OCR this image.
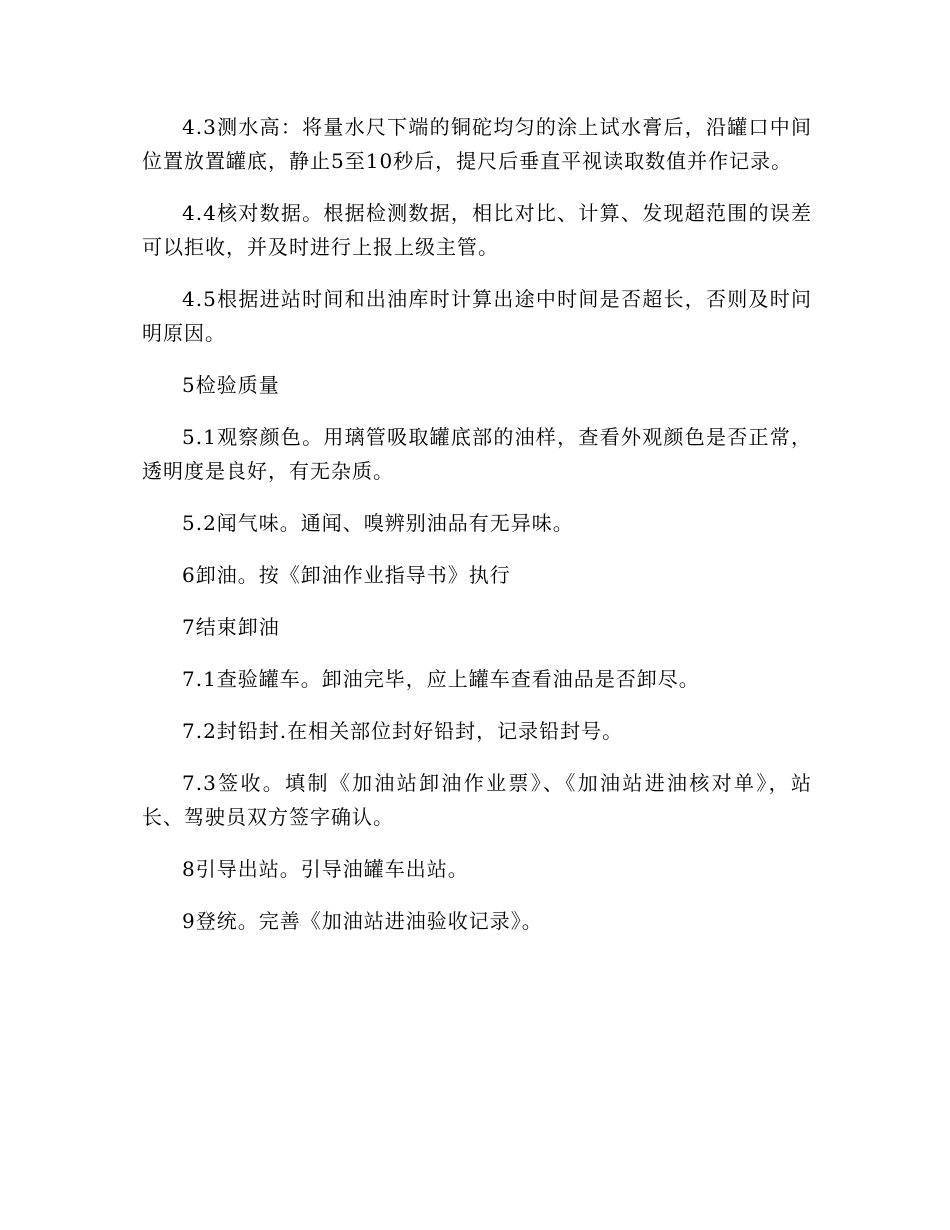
4.3测水高：将量水尺下端的铜砣均匀的涂上试水膏后，沿罐口中间位置放置罐底，静止5至10秒后，提尺后垂直平视读取数值并作记录。

4.4核对数据。根据检测数据，相比对比、计算、发现超范围的误差可以拒收，并及时进行上报上级主管。

4.5根据进站时间和出油库时计算出途中时间是否超长，否则及时问明原因。

5检验质量

5.1观察颜色。用璃管吸取罐底部的油样，查看外观颜色是否正常，透明度是良好，有无杂质。

5.2闻气味。通闻、嗅辨别油品有无异味。

6卸油。按《卸油作业指导书》执行

7结束卸油

7.1查验罐车。卸油完毕，应上罐车查看油品是否卸尽。

7.2封铅封.在相关部位封好铅封，记录铅封号。

7.3签收。填制《加油站卸油作业票》、《加油站进油核对单》，站长、驾驶员双方签字确认。

8引导出站。引导油罐车出站。

9登统。完善《加油站进油验收记录》。
